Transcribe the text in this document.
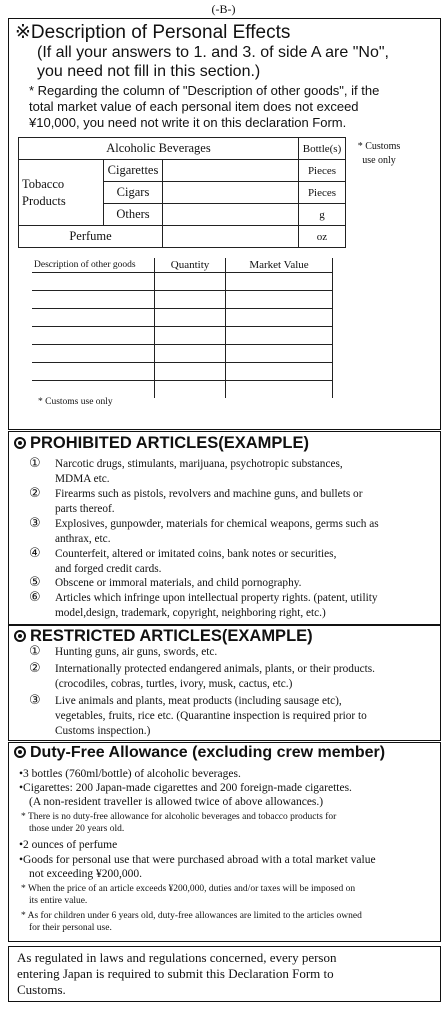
(-B-)
※Description of Personal Effects
(If all your answers to 1. and 3. of side A are "No",
you need not fill in this section.)
* Regarding the column of "Description of other goods", if the
total market value of each personal item does not exceed
¥10,000, you need not write it on this declaration Form.
Alcoholic Beverages			Bottle(s)	* Customs
use only

Tobacco
Products	Cigarettes		Pieces	
	Cigars		Pieces	
	Others		g	
Perfume			oz	
Description of other goods	Quantity	Market Value

* Customs use only
PROHIBITED ARTICLES(EXAMPLE)
① Narcotic drugs, stimulants, marijuana, psychotropic substances,
MDMA etc.
② Firearms such as pistols, revolvers and machine guns, and bullets or
parts thereof.
③ Explosives, gunpowder, materials for chemical weapons, germs such as
anthrax, etc.
④ Counterfeit, altered or imitated coins, bank notes or securities,
and forged credit cards.
⑤ Obscene or immoral materials, and child pornography.
⑥ Articles which infringe upon intellectual property rights. (patent, utility
model,design, trademark, copyright, neighboring right, etc.)
RESTRICTED ARTICLES(EXAMPLE)
① Hunting guns, air guns, swords, etc.
② Internationally protected endangered animals, plants, or their products.
(crocodiles, cobras, turtles, ivory, musk, cactus, etc.)
③ Live animals and plants, meat products (including sausage etc),
vegetables, fruits, rice etc. (Quarantine inspection is required prior to
Customs inspection.)
Duty-Free Allowance (excluding crew member)
•3 bottles (760ml/bottle) of alcoholic beverages.
•Cigarettes: 200 Japan-made cigarettes and 200 foreign-made cigarettes.
(A non-resident traveller is allowed twice of above allowances.)
* There is no duty-free allowance for alcoholic beverages and tobacco products for
those under 20 years old.
•2 ounces of perfume
•Goods for personal use that were purchased abroad with a total market value
not exceeding ¥200,000.
* When the price of an article exceeds ¥200,000, duties and/or taxes will be imposed on
its entire value.
* As for children under 6 years old, duty-free allowances are limited to the articles owned
for their personal use.
As regulated in laws and regulations concerned, every person
entering Japan is required to submit this Declaration Form to
Customs.
